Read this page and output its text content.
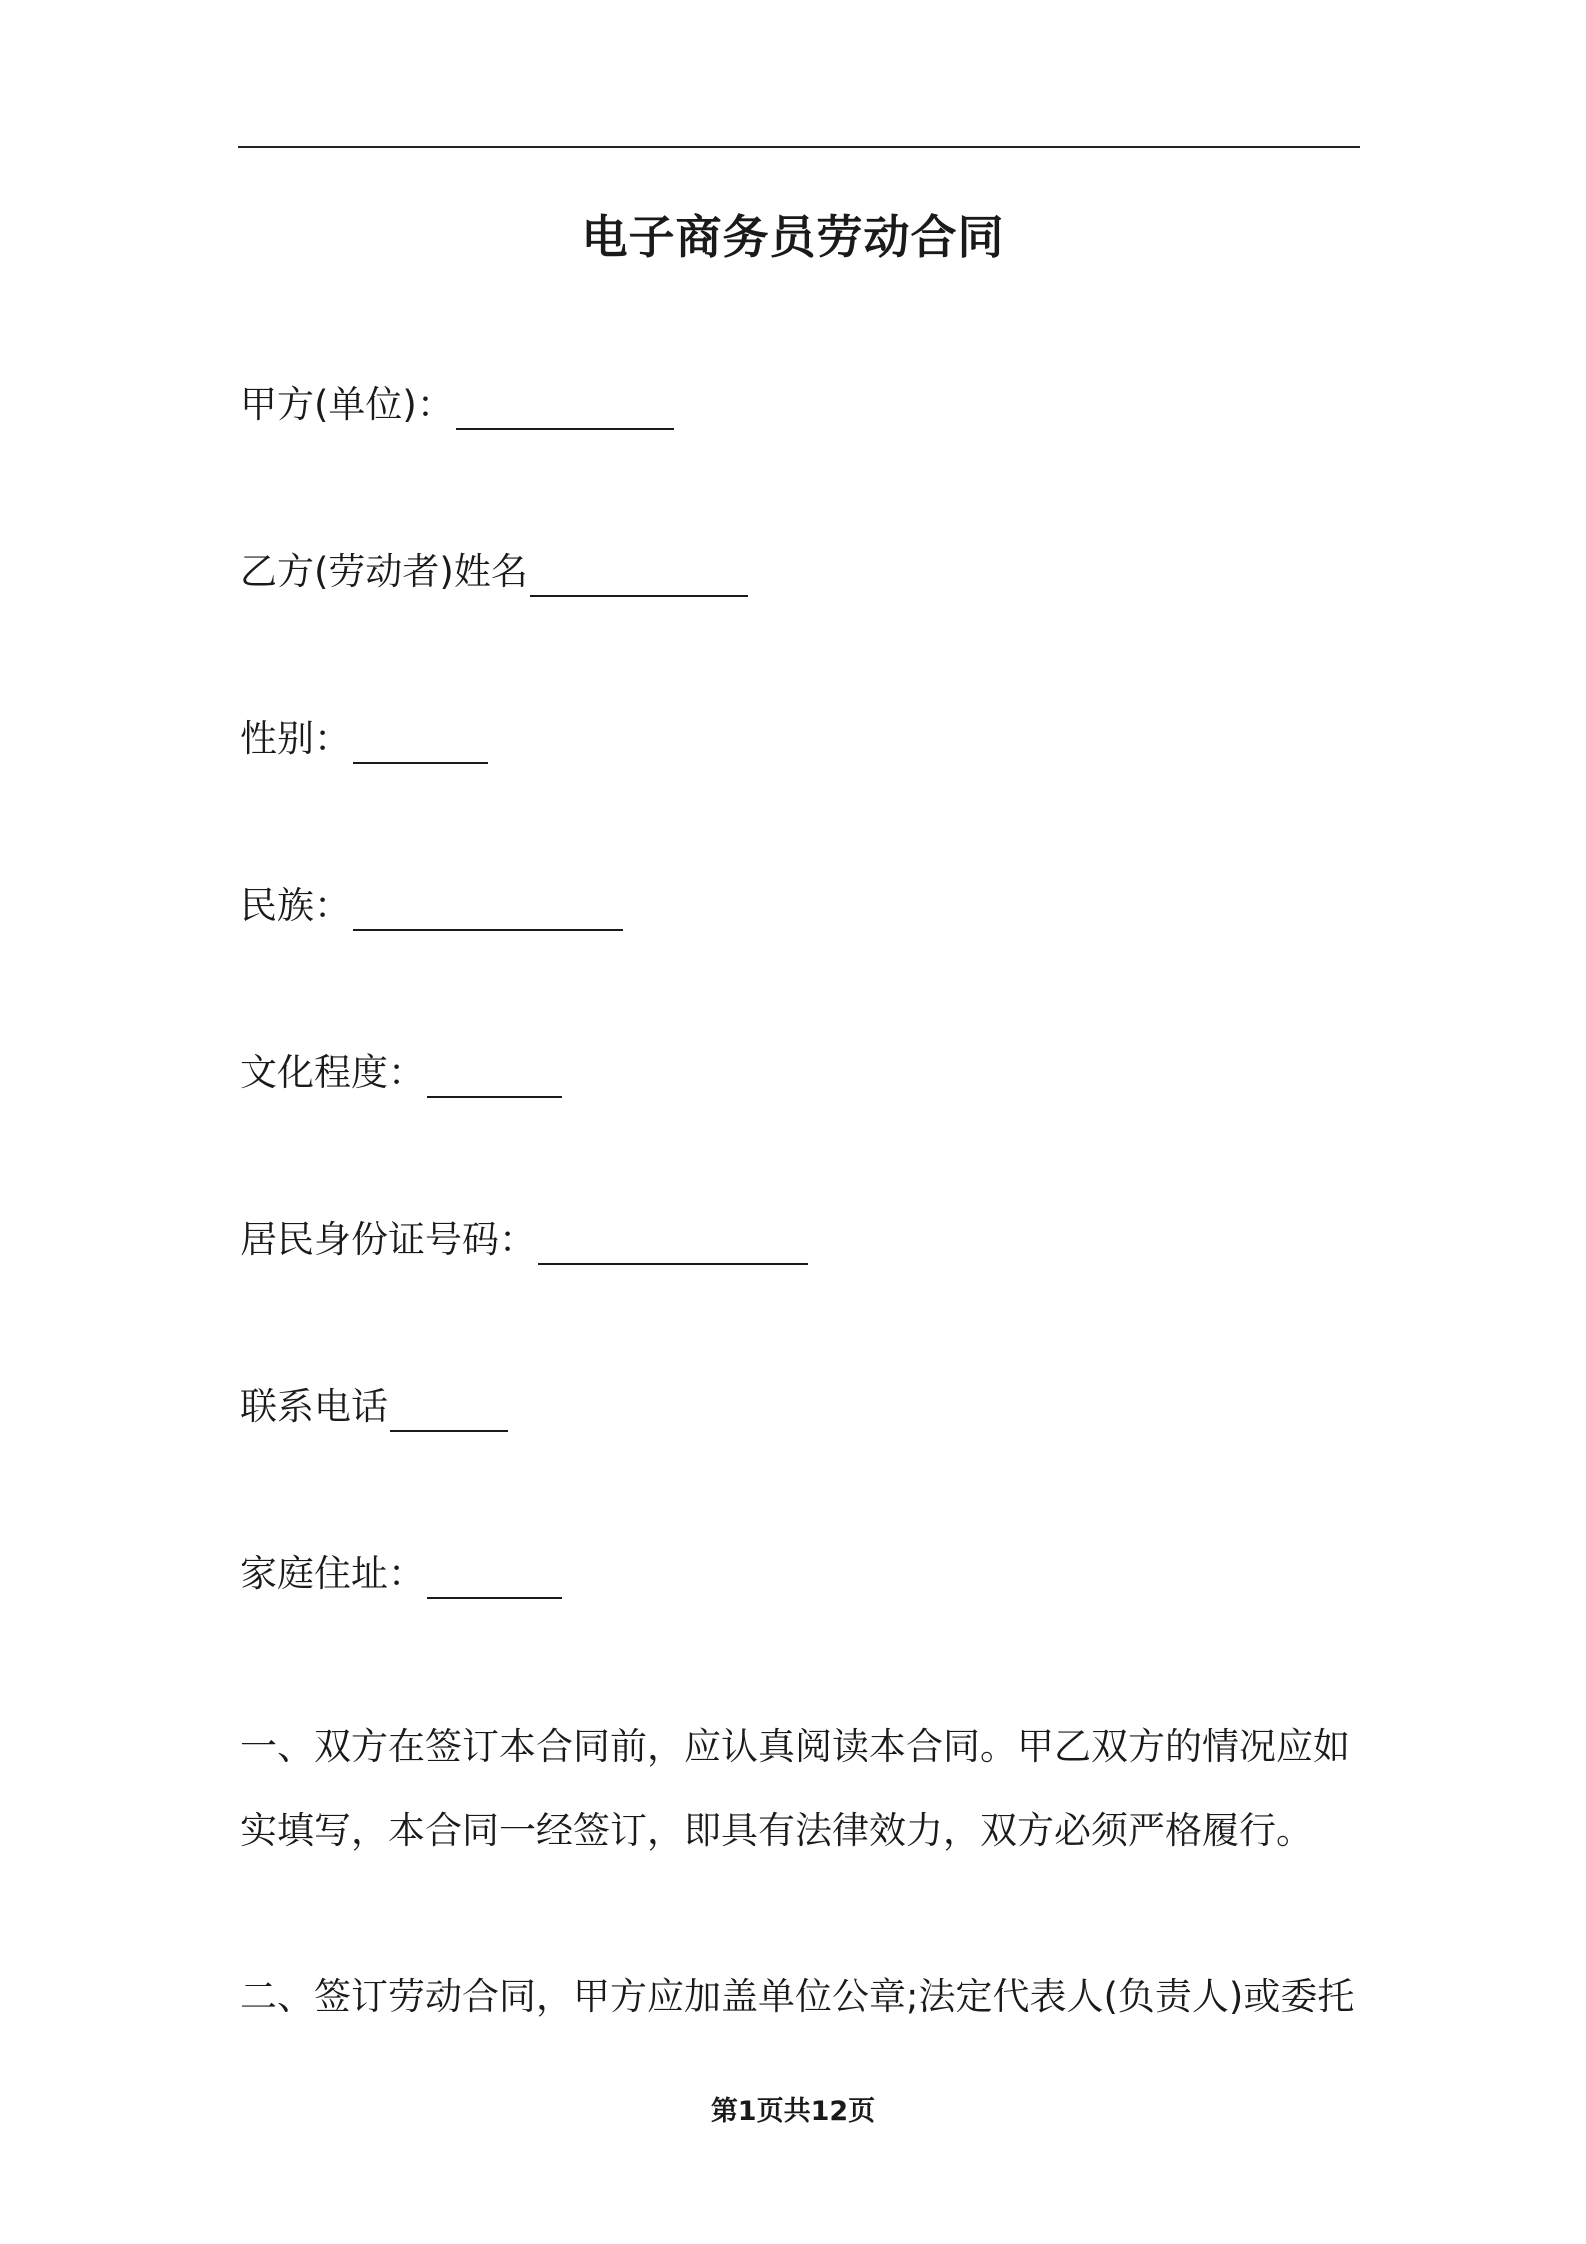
电子商务员劳动合同
甲方(单位)：
乙方(劳动者)姓名
性别：
民族：
文化程度：
居民身份证号码：
联系电话
家庭住址：
一、双方在签订本合同前，应认真阅读本合同。甲乙双方的情况应如
实填写，本合同一经签订，即具有法律效力，双方必须严格履行。
二、签订劳动合同，甲方应加盖单位公章;法定代表人(负责人)或委托
第1页共12页
